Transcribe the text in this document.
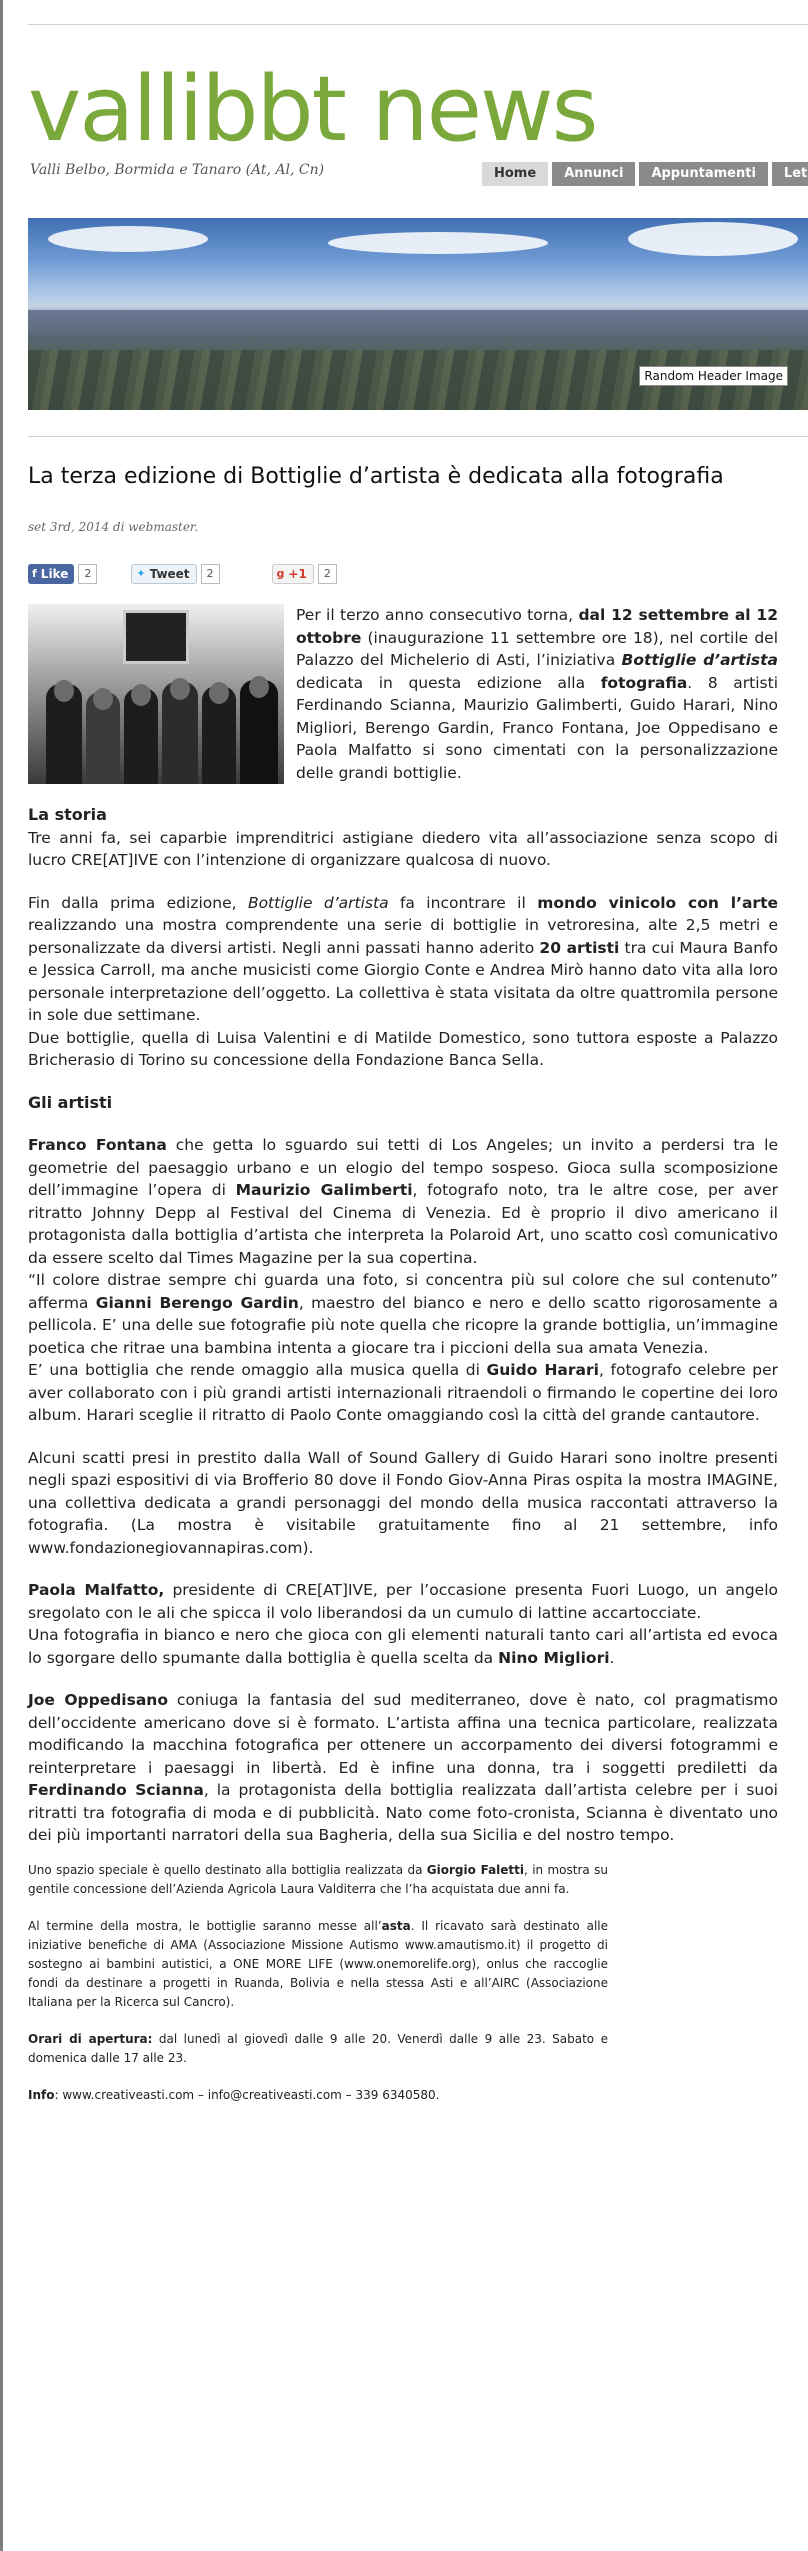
vallibbt news
Valli Belbo, Bormida e Tanaro (At, Al, Cn)	Home	Annunci	Appuntamenti	Let
Random Header Image
La terza edizione di Bottiglie d’artista è dedicata alla fotografia
set 3rd, 2014 di webmaster.
f Like	2	✦ Tweet	2	g +1	2

Per il terzo anno consecutivo torna, dal 12 settembre al 12 ottobre (inaugurazione 11 settembre ore 18), nel cortile del Palazzo del Michelerio di Asti, l’iniziativa Bottiglie d’artista dedicata in questa edizione alla fotografia. 8 artisti Ferdinando Scianna, Maurizio Galimberti, Guido Harari, Nino Migliori, Berengo Gardin, Franco Fontana, Joe Oppedisano e Paola Malfatto si sono cimentati con la personalizzazione delle grandi bottiglie.

La storia

Tre anni fa, sei caparbie imprenditrici astigiane diedero vita all’associazione senza scopo di lucro CRE[AT]IVE con l’intenzione di organizzare qualcosa di nuovo.

Fin dalla prima edizione, Bottiglie d’artista fa incontrare il mondo vinicolo con l’arte realizzando una mostra comprendente una serie di bottiglie in vetroresina, alte 2,5 metri e personalizzate da diversi artisti. Negli anni passati hanno aderito 20 artisti tra cui Maura Banfo e Jessica Carroll, ma anche musicisti come Giorgio Conte e Andrea Mirò hanno dato vita alla loro personale interpretazione dell’oggetto. La collettiva è stata visitata da oltre quattromila persone in sole due settimane.

Due bottiglie, quella di Luisa Valentini e di Matilde Domestico, sono tuttora esposte a Palazzo Bricherasio di Torino su concessione della Fondazione Banca Sella.

Gli artisti

Franco Fontana che getta lo sguardo sui tetti di Los Angeles; un invito a perdersi tra le geometrie del paesaggio urbano e un elogio del tempo sospeso. Gioca sulla scomposizione dell’immagine l’opera di Maurizio Galimberti, fotografo noto, tra le altre cose, per aver ritratto Johnny Depp al Festival del Cinema di Venezia. Ed è proprio il divo americano il protagonista dalla bottiglia d’artista che interpreta la Polaroid Art, uno scatto così comunicativo da essere scelto dal Times Magazine per la sua copertina.

“Il colore distrae sempre chi guarda una foto, si concentra più sul colore che sul contenuto” afferma Gianni Berengo Gardin, maestro del bianco e nero e dello scatto rigorosamente a pellicola. E’ una delle sue fotografie più note quella che ricopre la grande bottiglia, un’immagine poetica che ritrae una bambina intenta a giocare tra i piccioni della sua amata Venezia.

E’ una bottiglia che rende omaggio alla musica quella di Guido Harari, fotografo celebre per aver collaborato con i più grandi artisti internazionali ritraendoli o firmando le copertine dei loro album. Harari sceglie il ritratto di Paolo Conte omaggiando così la città del grande cantautore.

Alcuni scatti presi in prestito dalla Wall of Sound Gallery di Guido Harari sono inoltre presenti negli spazi espositivi di via Brofferio 80 dove il Fondo Giov-Anna Piras ospita la mostra IMAGINE, una collettiva dedicata a grandi personaggi del mondo della musica raccontati attraverso la fotografia. (La mostra è visitabile gratuitamente fino al 21 settembre, info www.fondazionegiovannapiras.com).

Paola Malfatto, presidente di CRE[AT]IVE, per l’occasione presenta Fuori Luogo, un angelo sregolato con le ali che spicca il volo liberandosi da un cumulo di lattine accartocciate.

Una fotografia in bianco e nero che gioca con gli elementi naturali tanto cari all’artista ed evoca lo sgorgare dello spumante dalla bottiglia è quella scelta da Nino Migliori.

Joe Oppedisano coniuga la fantasia del sud mediterraneo, dove è nato, col pragmatismo dell’occidente americano dove si è formato. L’artista affina una tecnica particolare, realizzata modificando la macchina fotografica per ottenere un accorpamento dei diversi fotogrammi e reinterpretare i paesaggi in libertà. Ed è infine una donna, tra i soggetti prediletti da Ferdinando Scianna, la protagonista della bottiglia realizzata dall’artista celebre per i suoi ritratti tra fotografia di moda e di pubblicità. Nato come foto-cronista, Scianna è diventato uno dei più importanti narratori della sua Bagheria, della sua Sicilia e del nostro tempo.

Uno spazio speciale è quello destinato alla bottiglia realizzata da Giorgio Faletti, in mostra su gentile concessione dell’Azienda Agricola Laura Valditerra che l’ha acquistata due anni fa.

Al termine della mostra, le bottiglie saranno messe all’asta. Il ricavato sarà destinato alle iniziative benefiche di AMA (Associazione Missione Autismo www.amautismo.it) il progetto di sostegno ai bambini autistici, a ONE MORE LIFE (www.onemorelife.org), onlus che raccoglie fondi da destinare a progetti in Ruanda, Bolivia e nella stessa Asti e all’AIRC (Associazione Italiana per la Ricerca sul Cancro).

Orari di apertura: dal lunedì al giovedì dalle 9 alle 20. Venerdì dalle 9 alle 23. Sabato e domenica dalle 17 alle 23.

Info: www.creativeasti.com – info@creativeasti.com – 339 6340580.
